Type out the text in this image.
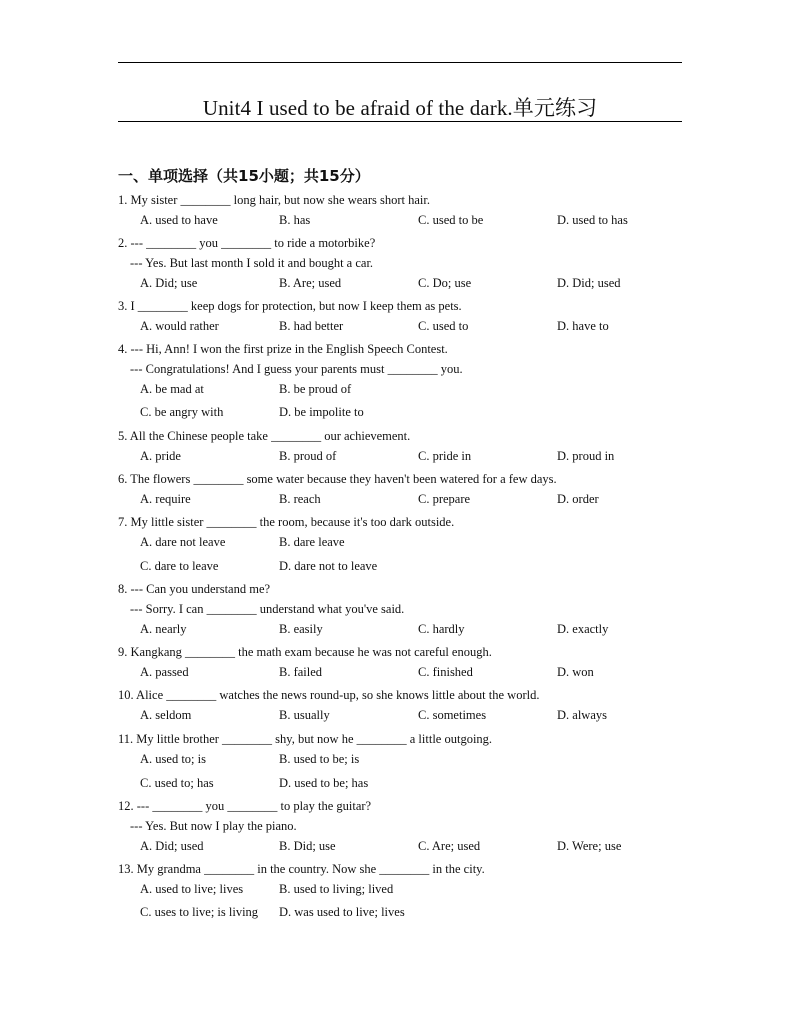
Unit4 I used to be afraid of the dark.单元练习
一、单项选择（共15小题；共15分）
1. My sister ________ long hair, but now she wears short hair.
A. used to have	B. has	C. used to be	D. used to has
2. --- ________ you ________ to ride a motorbike?
--- Yes. But last month I sold it and bought a car.
A. Did; use	B. Are; used	C. Do; use	D. Did; used
3. I ________ keep dogs for protection, but now I keep them as pets.
A. would rather	B. had better	C. used to	D. have to
4. --- Hi, Ann! I won the first prize in the English Speech Contest.
--- Congratulations! And I guess your parents must ________ you.
A. be mad at	B. be proud of
C. be angry with	D. be impolite to
5. All the Chinese people take ________ our achievement.
A. pride	B. proud of	C. pride in	D. proud in
6. The flowers ________ some water because they haven't been watered for a few days.
A. require	B. reach	C. prepare	D. order
7. My little sister ________ the room, because it's too dark outside.
A. dare not leave	B. dare leave
C. dare to leave	D. dare not to leave
8. --- Can you understand me?
--- Sorry. I can ________ understand what you've said.
A. nearly	B. easily	C. hardly	D. exactly
9. Kangkang ________ the math exam because he was not careful enough.
A. passed	B. failed	C. finished	D. won
10. Alice ________ watches the news round-up, so she knows little about the world.
A. seldom	B. usually	C. sometimes	D. always
11. My little brother ________ shy, but now he ________ a little outgoing.
A. used to; is	B. used to be; is
C. used to; has	D. used to be; has
12. --- ________ you ________ to play the guitar?
--- Yes. But now I play the piano.
A. Did; used	B. Did; use	C. Are; used	D. Were; use
13. My grandma ________ in the country. Now she ________ in the city.
A. used to live; lives	B. used to living; lived
C. uses to live; is living D. was used to live; lives
